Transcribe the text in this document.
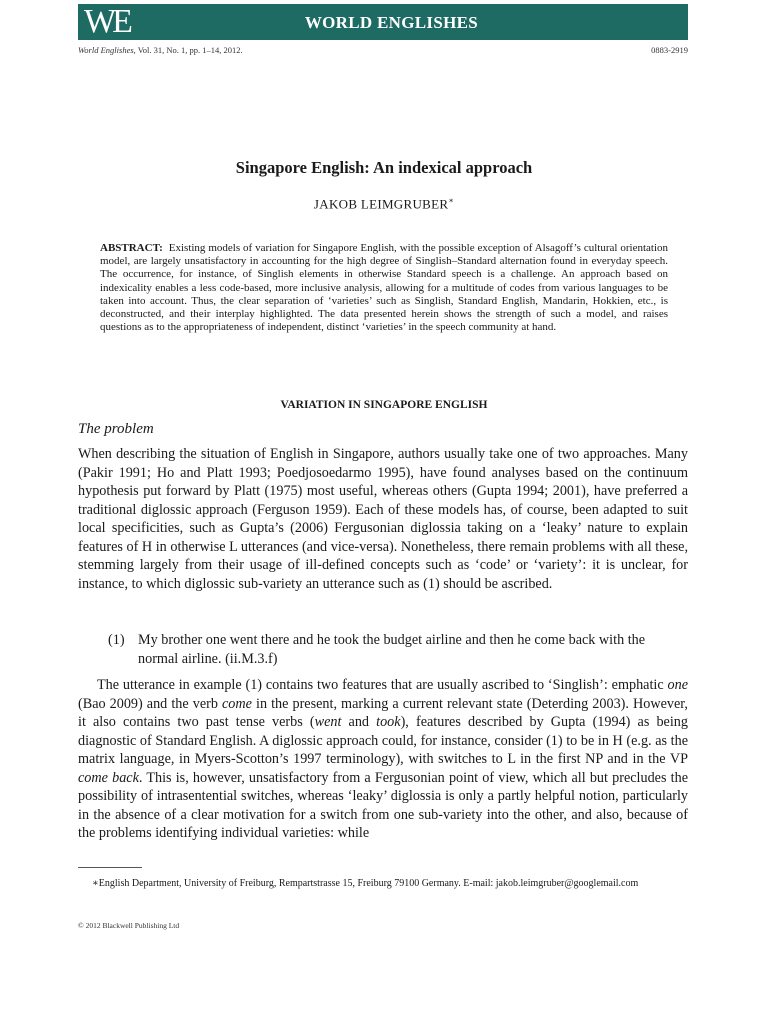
WE	WORLD ENGLISHES
World Englishes, Vol. 31, No. 1, pp. 1–14, 2012.	0883-2919
Singapore English: An indexical approach
JAKOB LEIMGRUBER∗
ABSTRACT: Existing models of variation for Singapore English, with the possible exception of Alsagoff’s cultural orientation model, are largely unsatisfactory in accounting for the high degree of Singlish–Standard alternation found in everyday speech. The occurrence, for instance, of Singlish elements in otherwise Standard speech is a challenge. An approach based on indexicality enables a less code-based, more inclusive analysis, allowing for a multitude of codes from various languages to be taken into account. Thus, the clear separation of ‘varieties’ such as Singlish, Standard English, Mandarin, Hokkien, etc., is deconstructed, and their interplay highlighted. The data presented herein shows the strength of such a model, and raises questions as to the appropriateness of independent, distinct ‘varieties’ in the speech community at hand.
VARIATION IN SINGAPORE ENGLISH
The problem

When describing the situation of English in Singapore, authors usually take one of two approaches. Many (Pakir 1991; Ho and Platt 1993; Poedjosoedarmo 1995), have found analyses based on the continuum hypothesis put forward by Platt (1975) most useful, whereas others (Gupta 1994; 2001), have preferred a traditional diglossic approach (Ferguson 1959). Each of these models has, of course, been adapted to suit local specificities, such as Gupta’s (2006) Fergusonian diglossia taking on a ‘leaky’ nature to explain features of H in otherwise L utterances (and vice-versa). Nonetheless, there remain problems with all these, stemming largely from their usage of ill-defined concepts such as ‘code’ or ‘variety’: it is unclear, for instance, to which diglossic sub-variety an utterance such as (1) should be ascribed.

(1) My brother one went there and he took the budget airline and then he come back with the normal airline. (ii.M.3.f)

The utterance in example (1) contains two features that are usually ascribed to ‘Singlish’: emphatic one (Bao 2009) and the verb come in the present, marking a current relevant state (Deterding 2003). However, it also contains two past tense verbs (went and took), features described by Gupta (1994) as being diagnostic of Standard English. A diglossic approach could, for instance, consider (1) to be in H (e.g. as the matrix language, in Myers-Scotton’s 1997 terminology), with switches to L in the first NP and in the VP come back. This is, however, unsatisfactory from a Fergusonian point of view, which all but precludes the possibility of intrasentential switches, whereas ‘leaky’ diglossia is only a partly helpful notion, particularly in the absence of a clear motivation for a switch from one sub-variety into the other, and also, because of the problems identifying individual varieties: while

∗English Department, University of Freiburg, Rempartstrasse 15, Freiburg 79100 Germany. E-mail: jakob.leimgruber@googlemail.com
© 2012 Blackwell Publishing Ltd
